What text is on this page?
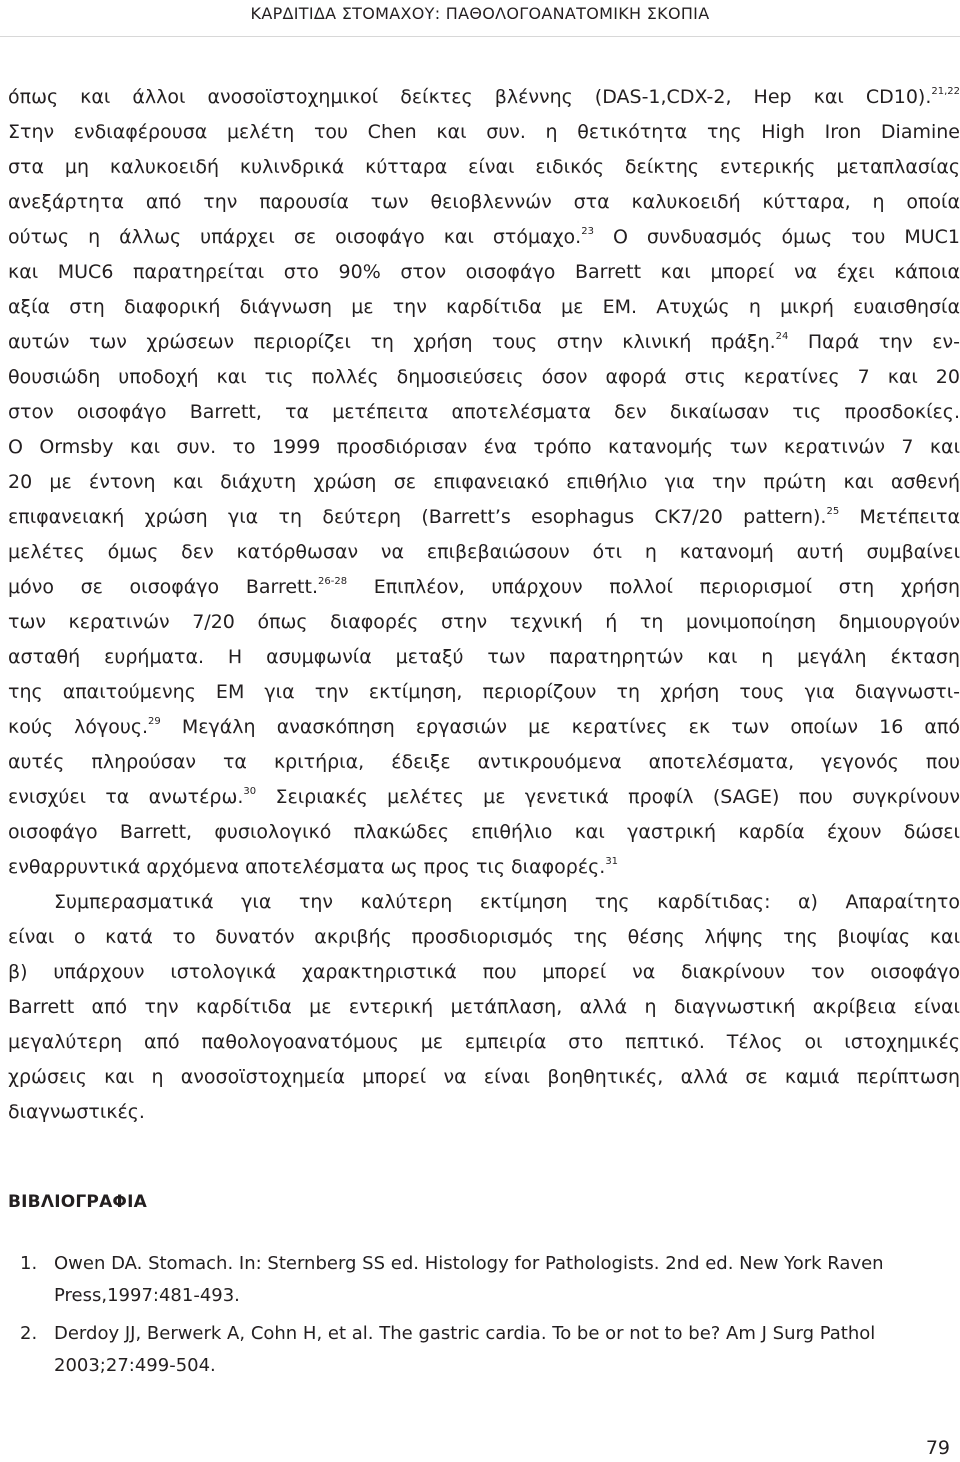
ΚΑΡΔΙΤΙΔΑ ΣΤΟΜΑΧΟΥ: ΠΑΘΟΛΟΓΟΑΝΑΤΟΜΙΚΗ ΣΚΟΠΙΑ
όπως και άλλοι ανοσοϊστοχημικοί δείκτες βλέννης (DAS-1,CDX-2, Hep και CD10).$^{21,22}$
Στην ενδιαφέρουσα μελέτη του Chen και συν. η θετικότητα της High Iron Diamine
στα μη καλυκοειδή κυλινδρικά κύτταρα είναι ειδικός δείκτης εντερικής μεταπλασίας
ανεξάρτητα από την παρουσία των θειοβλεννών στα καλυκοειδή κύτταρα, η οποία
ούτως η άλλως υπάρχει σε οισοφάγο και στόμαχο.$^{23}$ Ο συνδυασμός όμως του MUC1
και MUC6 παρατηρείται στο 90% στον οισοφάγο Barrett και μπορεί να έχει κάποια
αξία στη διαφορική διάγνωση με την καρδίτιδα με ΕΜ. Ατυχώς η μικρή ευαισθησία
αυτών των χρώσεων περιορίζει τη χρήση τους στην κλινική πράξη.$^{24}$ Παρά την εν-
θουσιώδη υποδοχή και τις πολλές δημοσιεύσεις όσον αφορά στις κερατίνες 7 και 20
στον οισοφάγο Barrett, τα μετέπειτα αποτελέσματα δεν δικαίωσαν τις προσδοκίες.
Ο Ormsby και συν. το 1999 προσδιόρισαν ένα τρόπο κατανομής των κερατινών 7 και
20 με έντονη και διάχυτη χρώση σε επιφανειακό επιθήλιο για την πρώτη και ασθενή
επιφανειακή χρώση για τη δεύτερη (Barrett’s esophagus CK7/20 pattern).$^{25}$ Μετέπειτα
μελέτες όμως δεν κατόρθωσαν να επιβεβαιώσουν ότι η κατανομή αυτή συμβαίνει
μόνο σε οισοφάγο Barrett.$^{26-28}$ Επιπλέον, υπάρχουν πολλοί περιορισμοί στη χρήση
των κερατινών 7/20 όπως διαφορές στην τεχνική ή τη μονιμοποίηση δημιουργούν
ασταθή ευρήματα. Η ασυμφωνία μεταξύ των παρατηρητών και η μεγάλη έκταση
της απαιτούμενης ΕΜ για την εκτίμηση, περιορίζουν τη χρήση τους για διαγνωστι-
κούς λόγους.$^{29}$ Μεγάλη ανασκόπηση εργασιών με κερατίνες εκ των οποίων 16 από
αυτές πληρούσαν τα κριτήρια, έδειξε αντικρουόμενα αποτελέσματα, γεγονός που
ενισχύει τα ανωτέρω.$^{30}$ Σειριακές μελέτες με γενετικά προφίλ (SAGE) που συγκρίνουν
οισοφάγο Barrett, φυσιολογικό πλακώδες επιθήλιο και γαστρική καρδία έχουν δώσει
ενθαρρυντικά αρχόμενα αποτελέσματα ως προς τις διαφορές.$^{31}$
Συμπερασματικά για την καλύτερη εκτίμηση της καρδίτιδας: α) Απαραίτητο
είναι ο κατά το δυνατόν ακριβής προσδιορισμός της θέσης λήψης της βιοψίας και
β) υπάρχουν ιστολογικά χαρακτηριστικά που μπορεί να διακρίνουν τον οισοφάγο
Barrett από την καρδίτιδα με εντερική μετάπλαση, αλλά η διαγνωστική ακρίβεια είναι
μεγαλύτερη από παθολογοανατόμους με εμπειρία στο πεπτικό. Τέλος οι ιστοχημικές
χρώσεις και η ανοσοϊστοχημεία μπορεί να είναι βοηθητικές, αλλά σε καμιά περίπτωση
διαγνωστικές.
ΒΙΒΛΙΟΓΡΑΦΙΑ
1. Owen DA. Stomach. In: Sternberg SS ed. Histology for Pathologists. 2nd ed. New York Raven
Press,1997:481-493.
2. Derdoy JJ, Berwerk A, Cohn H, et al. The gastric cardia. To be or not to be? Am J Surg Pathol
2003;27:499-504.
79
